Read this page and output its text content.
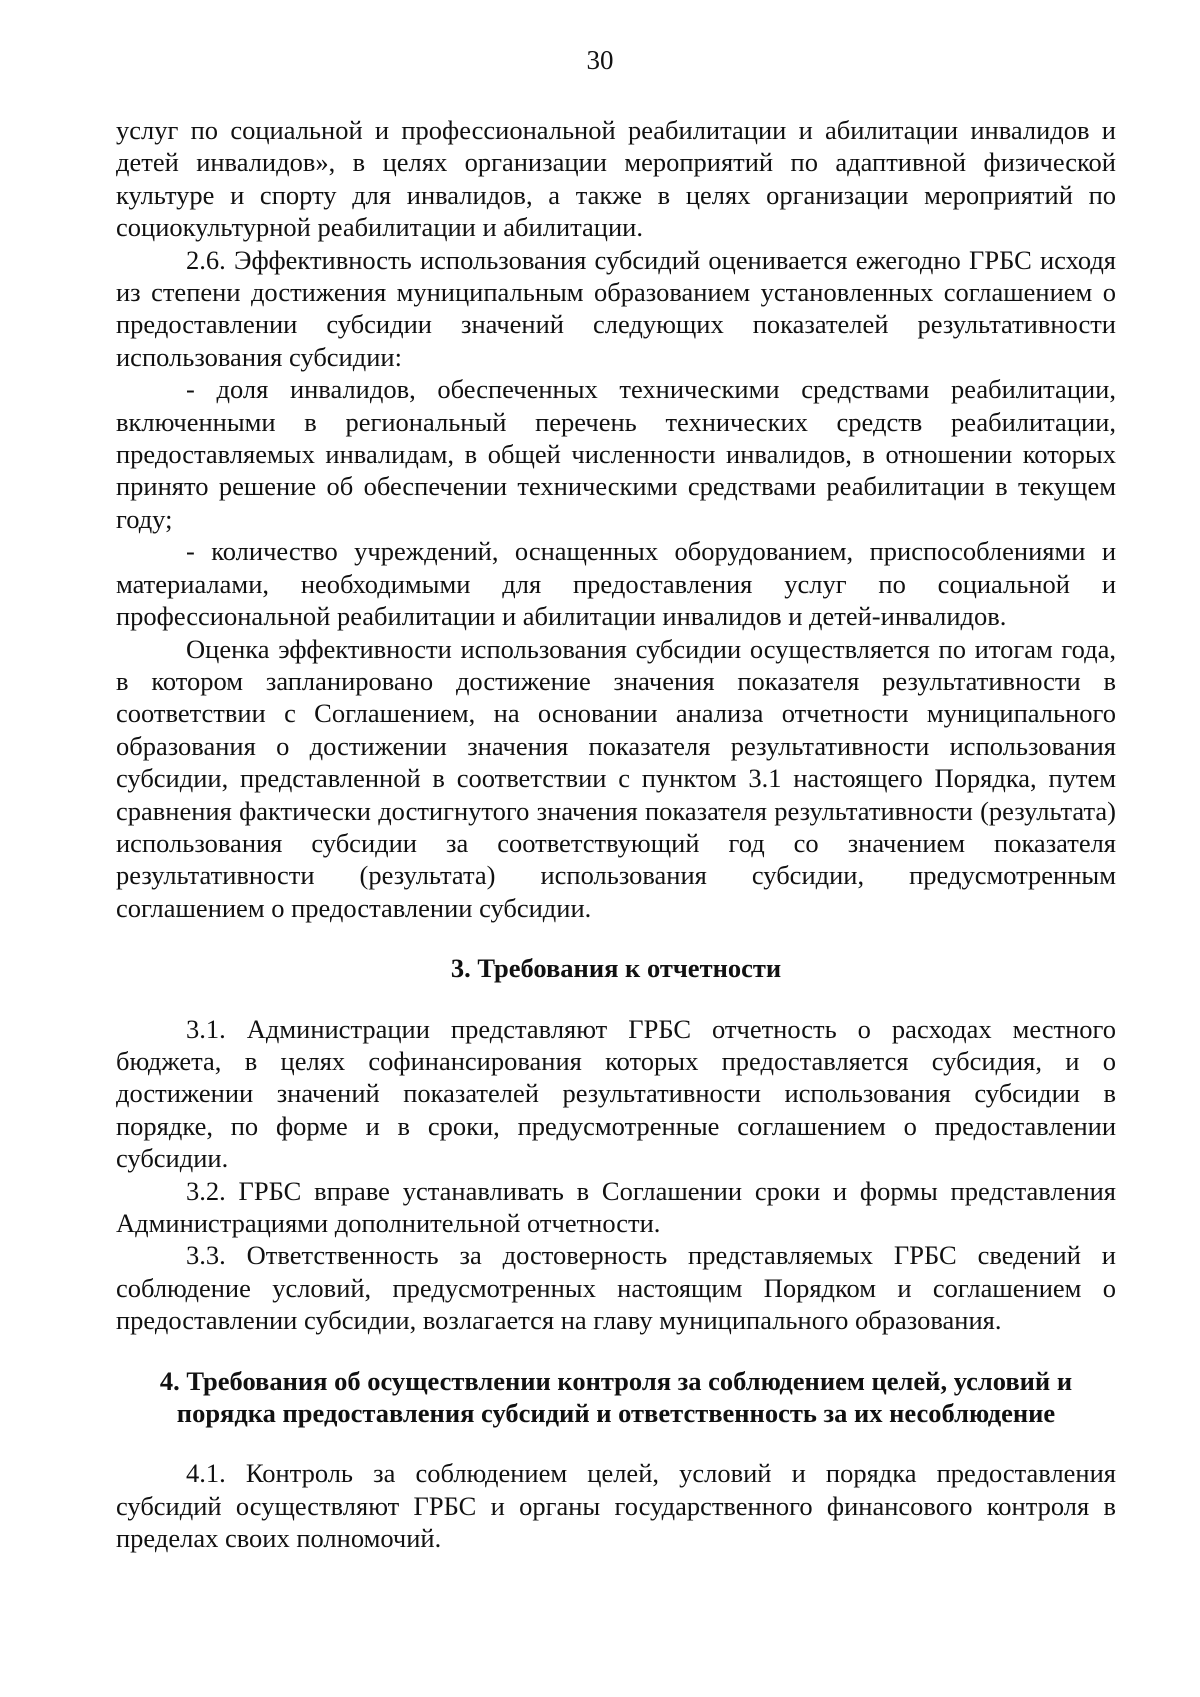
30

услуг по социальной и профессиональной реабилитации и абилитации инвалидов и детей инвалидов», в целях организации мероприятий по адаптивной физической культуре и спорту для инвалидов, а также в целях организации мероприятий по социокультурной реабилитации и абилитации.

2.6. Эффективность использования субсидий оценивается ежегодно ГРБС исходя из степени достижения муниципальным образованием установленных соглашением о предоставлении субсидии значений следующих показателей результативности использования субсидии:

- доля инвалидов, обеспеченных техническими средствами реабилитации, включенными в региональный перечень технических средств реабилитации, предоставляемых инвалидам, в общей численности инвалидов, в отношении которых принято решение об обеспечении техническими средствами реабилитации в текущем году;

- количество учреждений, оснащенных оборудованием, приспособлениями и материалами, необходимыми для предоставления услуг по социальной и профессиональной реабилитации и абилитации инвалидов и детей-инвалидов.

Оценка эффективности использования субсидии осуществляется по итогам года, в котором запланировано достижение значения показателя результативности в соответствии с Соглашением, на основании анализа отчетности муниципального образования о достижении значения показателя результативности использования субсидии, представленной в соответствии с пунктом 3.1 настоящего Порядка, путем сравнения фактически достигнутого значения показателя результативности (результата) использования субсидии за соответствующий год со значением показателя результативности (результата) использования субсидии, предусмотренным соглашением о предоставлении субсидии.

3. Требования к отчетности

3.1. Администрации представляют ГРБС отчетность о расходах местного бюджета, в целях софинансирования которых предоставляется субсидия, и о достижении значений показателей результативности использования субсидии в порядке, по форме и в сроки, предусмотренные соглашением о предоставлении субсидии.

3.2. ГРБС вправе устанавливать в Соглашении сроки и формы представления Администрациями дополнительной отчетности.

3.3. Ответственность за достоверность представляемых ГРБС сведений и соблюдение условий, предусмотренных настоящим Порядком и соглашением о предоставлении субсидии, возлагается на главу муниципального образования.

4. Требования об осуществлении контроля за соблюдением целей, условий и

порядка предоставления субсидий и ответственность за их несоблюдение

4.1. Контроль за соблюдением целей, условий и порядка предоставления субсидий осуществляют ГРБС и органы государственного финансового контроля в пределах своих полномочий.
